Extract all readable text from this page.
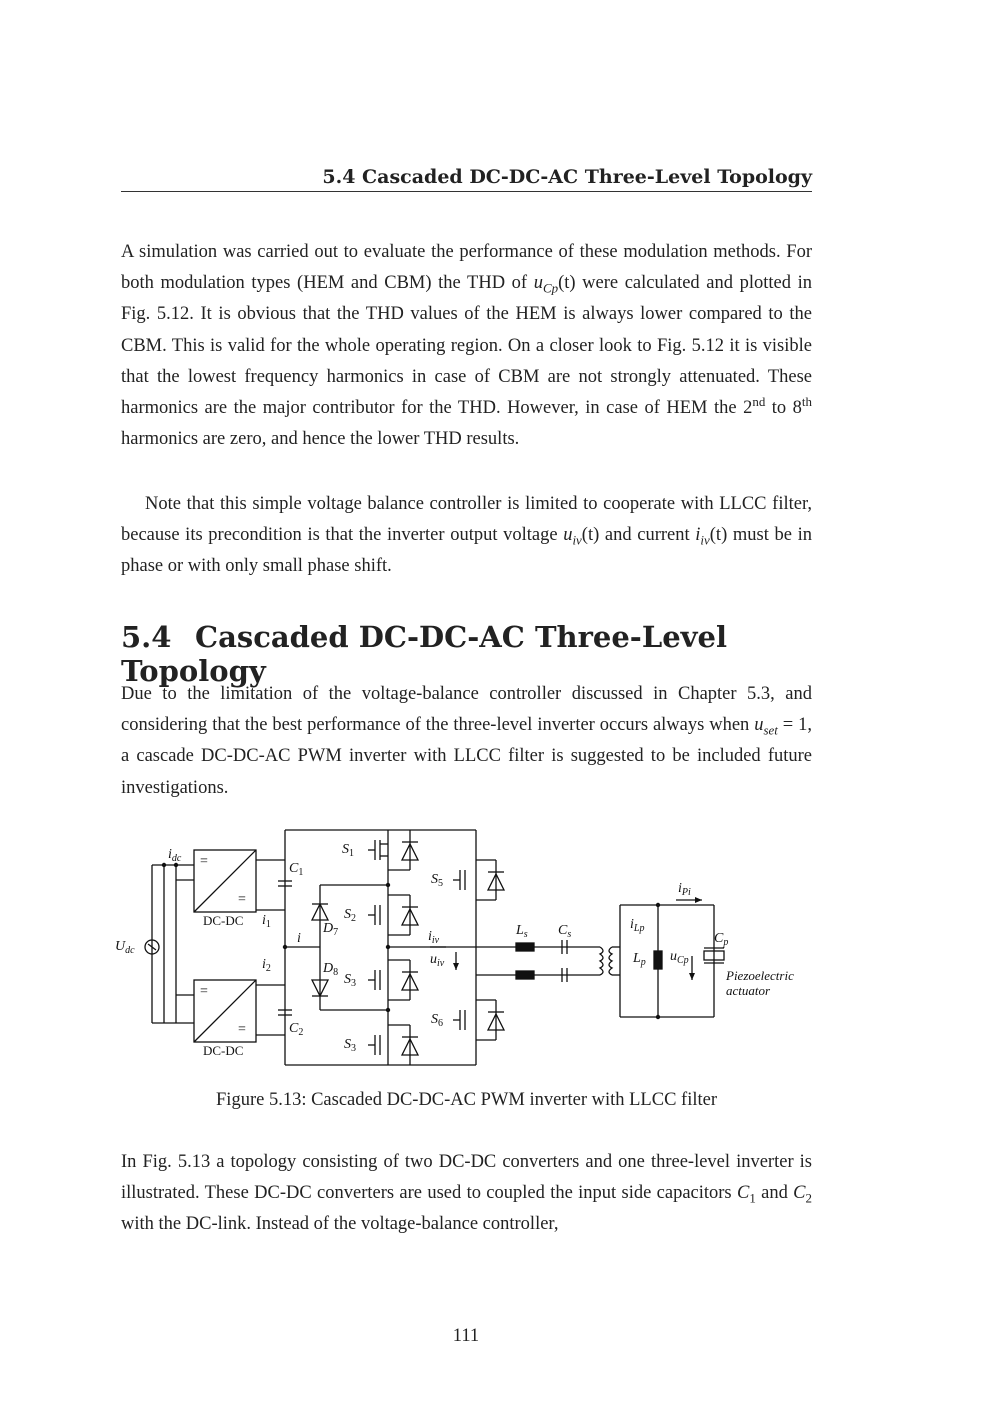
5.4 Cascaded DC-DC-AC Three-Level Topology

A simulation was carried out to evaluate the performance of these modulation methods. For both modulation types (HEM and CBM) the THD of $u_{Cp}(t)$ were calculated and plotted in Fig. 5.12. It is obvious that the THD values of the HEM is always lower compared to the CBM. This is valid for the whole operating region. On a closer look to Fig. 5.12 it is visible that the lowest frequency harmonics in case of CBM are not strongly attenuated. These harmonics are the major contributor for the THD. However, in case of HEM the 2nd to 8th harmonics are zero, and hence the lower THD results.

Note that this simple voltage balance controller is limited to cooperate with LLCC filter, because its precondition is that the inverter output voltage $u_{iv}(t)$ and current $i_{iv}(t)$ must be in phase or with only small phase shift.

5.4 Cascaded DC-DC-AC Three-Level Topology

Due to the limitation of the voltage-balance controller discussed in Chapter 5.3, and considering that the best performance of the three-level inverter occurs always when $u_{set} = 1$, a cascade DC-DC-AC PWM inverter with LLCC filter is suggested to be included future investigations.

$U_{dc}$
$i_{dc}$ =
=
=
=
DC-DC
DC-DC
$C_1$
$C_2$
$i_1$
$i_2$
i
$S_1$
$S_2$
$S_3$
$S_3$
$S_5$
$S_6$
$D_7$
$D_8$
$i_{iv}$
$u_{iv}$
$L_s$ $C_s$
$i_{Lp}$
$L_p$ $u_{Cp}$
$i_{Pi}$
$C_p$
Piezoelectric
actuator
Figure 5.13: Cascaded DC-DC-AC PWM inverter with LLCC filter

In Fig. 5.13 a topology consisting of two DC-DC converters and one three-level inverter is illustrated. These DC-DC converters are used to coupled the input side capacitors $C_1$ and $C_2$ with the DC-link. Instead of the voltage-balance controller,

111
